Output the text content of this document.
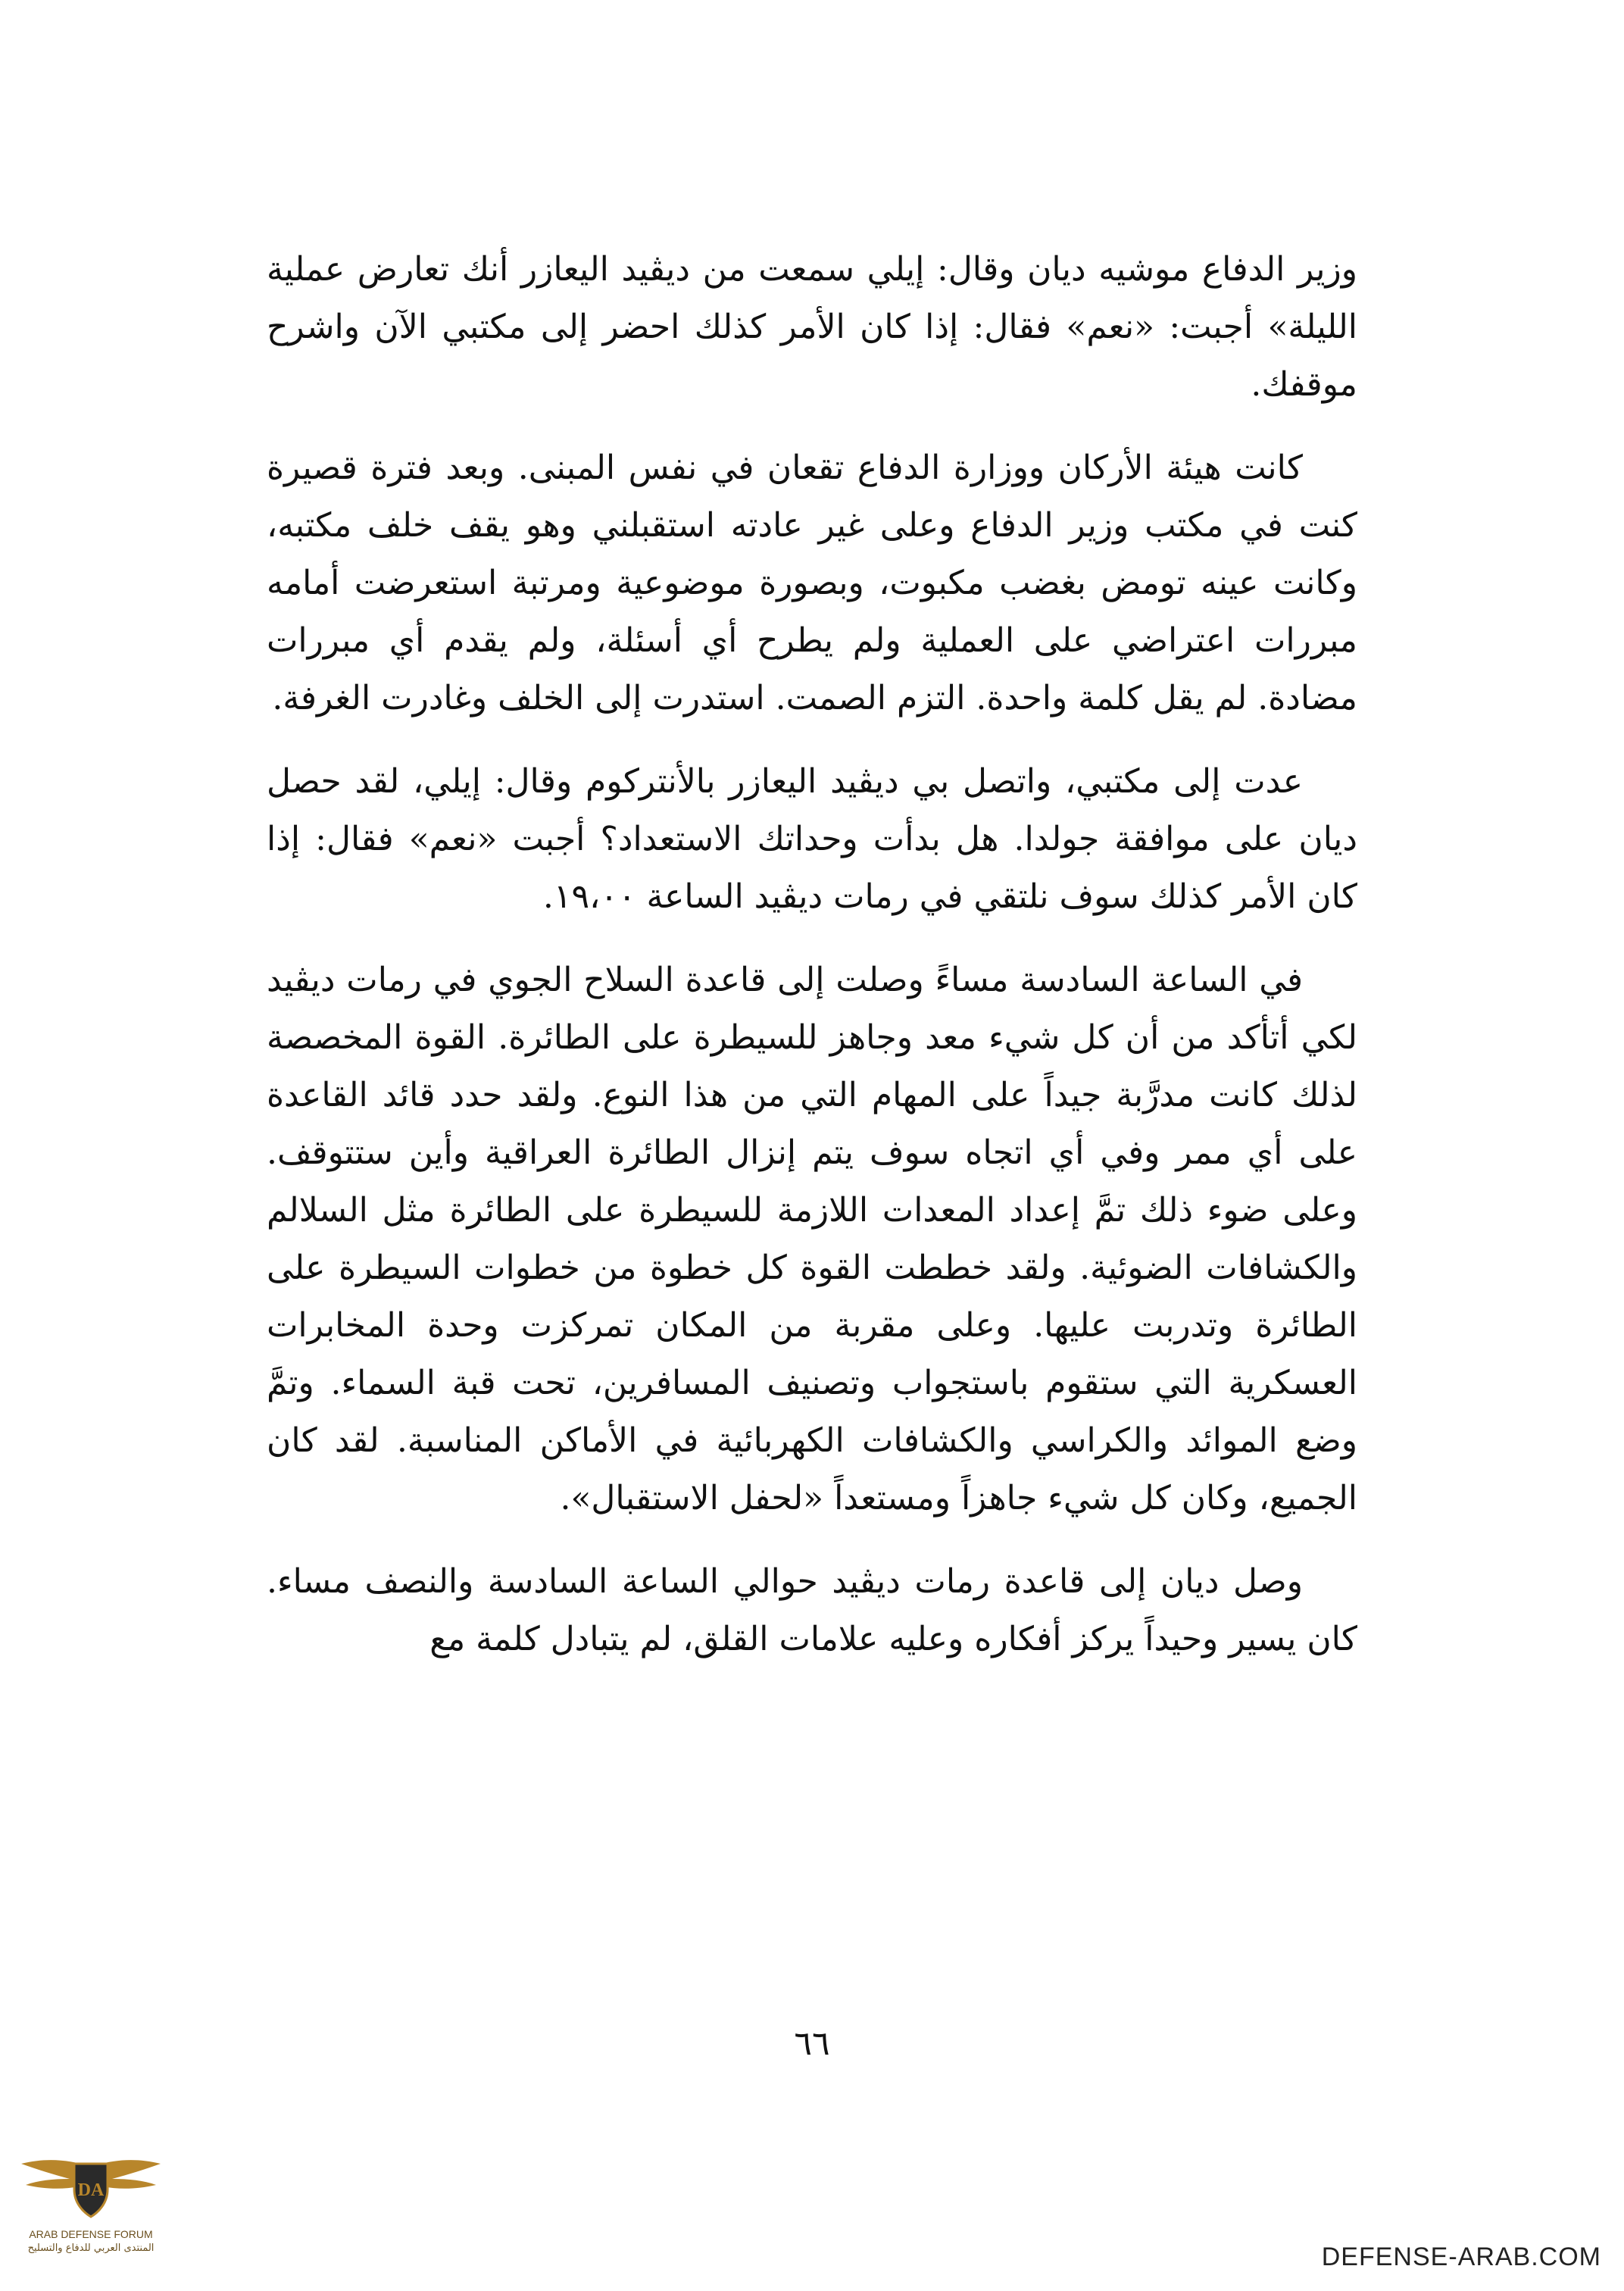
وزير الدفاع موشيه ديان وقال: إيلي سمعت من ديڤيد اليعازر أنك تعارض عملية الليلة» أجبت: «نعم» فقال: إذا كان الأمر كذلك احضر إلى مكتبي الآن واشرح موقفك.

كانت هيئة الأركان ووزارة الدفاع تقعان في نفس المبنى. وبعد فترة قصيرة كنت في مكتب وزير الدفاع وعلى غير عادته استقبلني وهو يقف خلف مكتبه، وكانت عينه تومض بغضب مكبوت، وبصورة موضوعية ومرتبة استعرضت أمامه مبررات اعتراضي على العملية ولم يطرح أي أسئلة، ولم يقدم أي مبررات مضادة. لم يقل كلمة واحدة. التزم الصمت. استدرت إلى الخلف وغادرت الغرفة.

عدت إلى مكتبي، واتصل بي ديڤيد اليعازر بالأنتركوم وقال: إيلي، لقد حصل ديان على موافقة جولدا. هل بدأت وحداتك الاستعداد؟ أجبت «نعم» فقال: إذا كان الأمر كذلك سوف نلتقي في رمات ديڤيد الساعة ١٩،٠٠.

في الساعة السادسة مساءً وصلت إلى قاعدة السلاح الجوي في رمات ديڤيد لكي أتأكد من أن كل شيء معد وجاهز للسيطرة على الطائرة. القوة المخصصة لذلك كانت مدرَّبة جيداً على المهام التي من هذا النوع. ولقد حدد قائد القاعدة على أي ممر وفي أي اتجاه سوف يتم إنزال الطائرة العراقية وأين ستتوقف. وعلى ضوء ذلك تمَّ إعداد المعدات اللازمة للسيطرة على الطائرة مثل السلالم والكشافات الضوئية. ولقد خططت القوة كل خطوة من خطوات السيطرة على الطائرة وتدربت عليها. وعلى مقربة من المكان تمركزت وحدة المخابرات العسكرية التي ستقوم باستجواب وتصنيف المسافرين، تحت قبة السماء. وتمَّ وضع الموائد والكراسي والكشافات الكهربائية في الأماكن المناسبة. لقد كان الجميع، وكان كل شيء جاهزاً ومستعداً «لحفل الاستقبال».

وصل ديان إلى قاعدة رمات ديڤيد حوالي الساعة السادسة والنصف مساء. كان يسير وحيداً يركز أفكاره وعليه علامات القلق، لم يتبادل كلمة مع

٦٦
DA
ARAB DEFENSE FORUM
المنتدى العربي للدفاع والتسليح	DEFENSE-ARAB.COM
